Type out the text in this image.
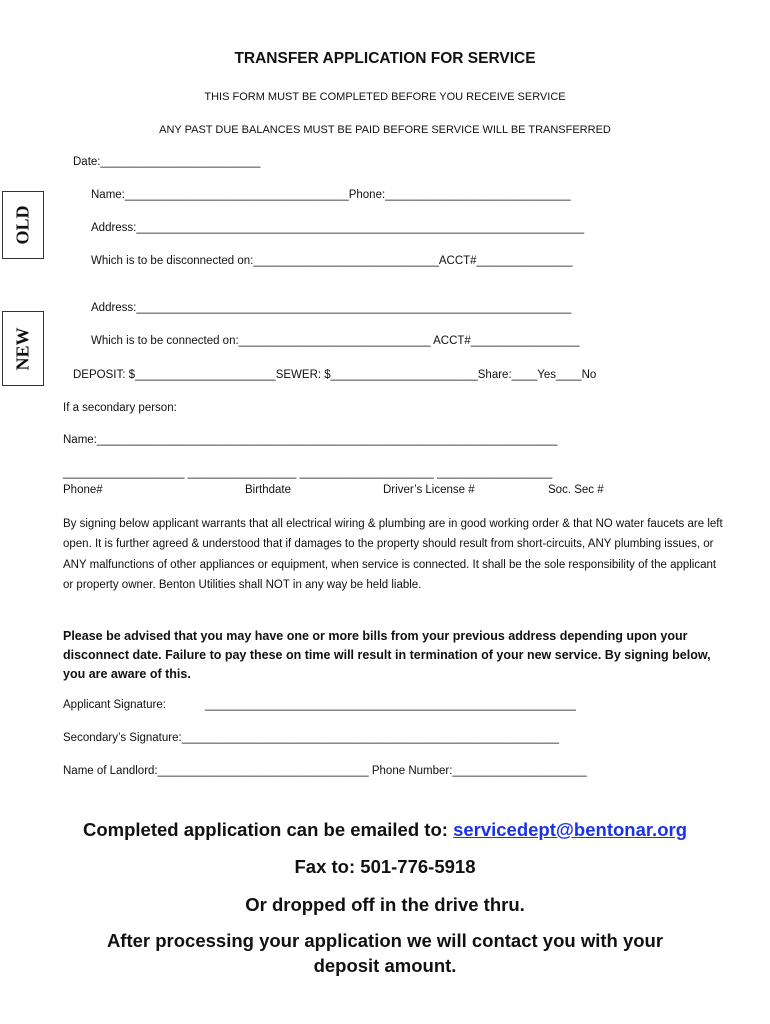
TRANSFER APPLICATION FOR SERVICE
THIS FORM MUST BE COMPLETED BEFORE YOU RECEIVE SERVICE
ANY PAST DUE BALANCES MUST BE PAID BEFORE SERVICE WILL BE TRANSFERRED
Date:_________________________
OLD
NEW
Name:___________________________________Phone:_____________________________
Address:______________________________________________________________________
Which is to be disconnected on:_____________________________ACCT#_______________
Address:____________________________________________________________________
Which is to be connected on:______________________________ ACCT#_________________
DEPOSIT: $______________________SEWER: $_______________________Share:____Yes____No
If a secondary person:
Name:________________________________________________________________________
___________________ _________________ _____________________ __________________
Phone#	Birthdate	Driver’s License #	Soc. Sec #
By signing below applicant warrants that all electrical wiring & plumbing are in good working order & that NO water faucets are left open. It is further agreed & understood that if damages to the property should result from short-circuits, ANY plumbing issues, or ANY malfunctions of other appliances or equipment, when service is connected. It shall be the sole responsibility of the applicant or property owner. Benton Utilities shall NOT in any way be held liable.
Please be advised that you may have one or more bills from your previous address depending upon your disconnect date. Failure to pay these on time will result in termination of your new service. By signing below, you are aware of this.
Applicant Signature:	__________________________________________________________
Secondary’s Signature:___________________________________________________________
Name of Landlord:_________________________________ Phone Number:_____________________
Completed application can be emailed to: servicedept@bentonar.org
Fax to: 501-776-5918
Or dropped off in the drive thru.
After processing your application we will contact you with your
deposit amount.
